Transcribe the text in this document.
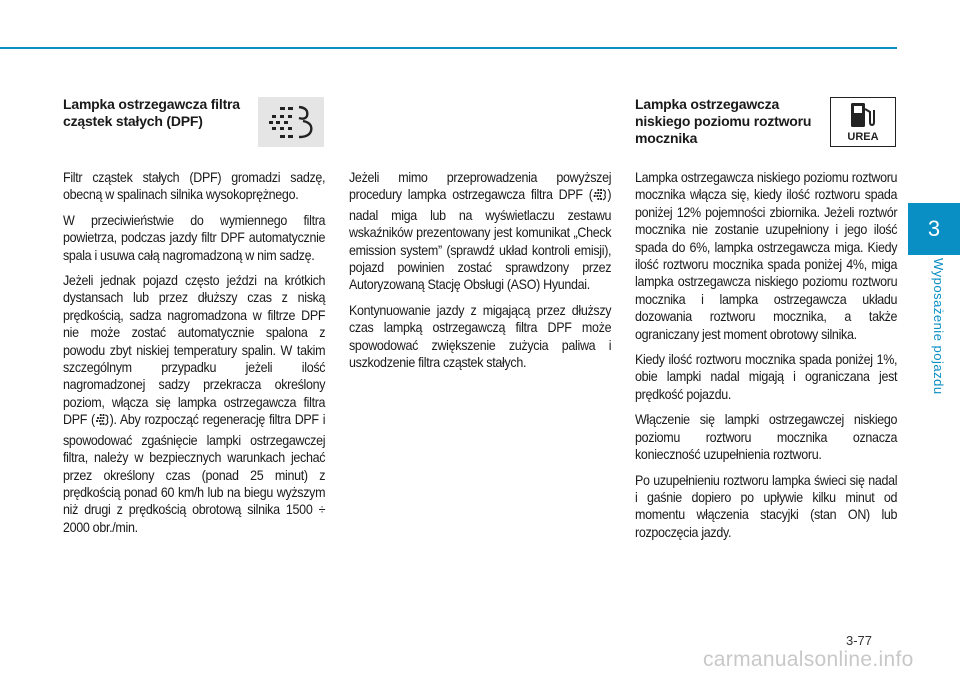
3
Wyposażenie pojazdu
Lampka ostrzegawcza filtra
cząstek stałych (DPF)
Lampka ostrzegawcza
niskiego poziomu roztworu
mocznika	UREA

Filtr cząstek stałych (DPF) gromadzi sadzę, obecną w spalinach silnika wysokoprężnego.

W przeciwieństwie do wymiennego filtra powietrza, podczas jazdy filtr DPF automatycznie spala i usuwa całą nagromadzoną w nim sadzę.

Jeżeli jednak pojazd często jeździ na krótkich dystansach lub przez dłuższy czas z niską prędkością, sadza nagromadzona w filtrze DPF nie może zostać automatycznie spalona z powodu zbyt niskiej temperatury spalin. W takim szczególnym przypadku jeżeli ilość nagromadzonej sadzy przekracza określony poziom, włącza się lampka ostrzegawcza filtra DPF ( ). Aby rozpocząć regenerację filtra DPF i spowodować zgaśnięcie lampki ostrzegawczej filtra, należy w bezpiecznych warunkach jechać przez określony czas (ponad 25 minut) z prędkością ponad 60 km/h lub na biegu wyższym niż drugi z prędkością obrotową silnika 1500 ÷ 2000 obr./min.

Jeżeli mimo przeprowadzenia powyższej procedury lampka ostrzegawcza filtra DPF ( ) nadal miga lub na wyświetlaczu zestawu wskaźników prezentowany jest komunikat „Check emission system” (sprawdź układ kontroli emisji), pojazd powinien zostać sprawdzony przez Autoryzowaną Stację Obsługi (ASO) Hyundai.

Kontynuowanie jazdy z migającą przez dłuższy czas lampką ostrzegawczą filtra DPF może spowodować zwiększenie zużycia paliwa i uszkodzenie filtra cząstek stałych.

Lampka ostrzegawcza niskiego poziomu roztworu mocznika włącza się, kiedy ilość roztworu spada poniżej 12% pojemności zbiornika. Jeżeli roztwór mocznika nie zostanie uzupełniony i jego ilość spada do 6%, lampka ostrzegawcza miga. Kiedy ilość roztworu mocznika spada poniżej 4%, miga lampka ostrzegawcza niskiego poziomu roztworu mocznika i lampka ostrzegawcza układu dozowania roztworu mocznika, a także ograniczany jest moment obrotowy silnika.

Kiedy ilość roztworu mocznika spada poniżej 1%, obie lampki nadal migają i ograniczana jest prędkość pojazdu.

Włączenie się lampki ostrzegawczej niskiego poziomu roztworu mocznika oznacza konieczność uzupełnienia roztworu.

Po uzupełnieniu roztworu lampka świeci się nadal i gaśnie dopiero po upływie kilku minut od momentu włączenia stacyjki (stan ON) lub rozpoczęcia jazdy.

3-77
carmanualsonline.info
